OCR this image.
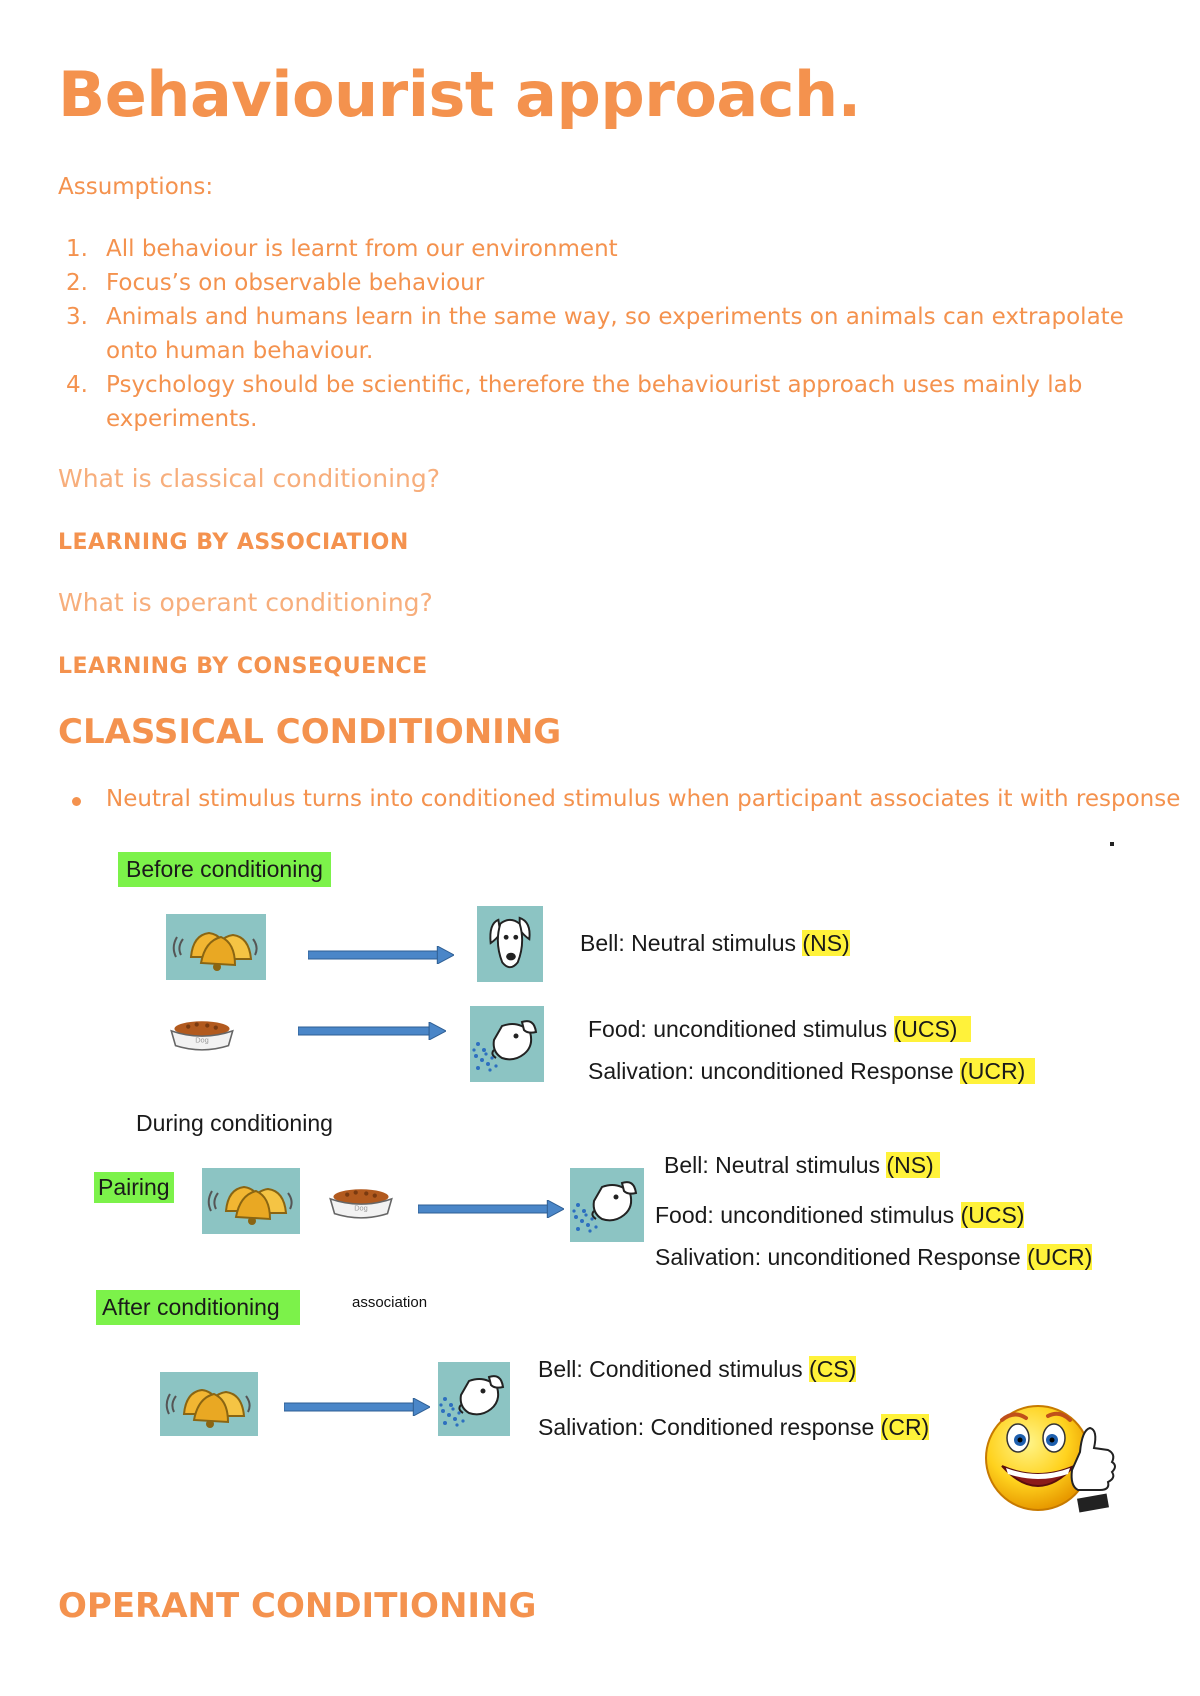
Behaviourist approach.
Assumptions:
1. All behaviour is learnt from our environment
2. Focus’s on observable behaviour
3. Animals and humans learn in the same way, so experiments on animals can extrapolate onto human behaviour.
4. Psychology should be scientific, therefore the behaviourist approach uses mainly lab experiments.
What is classical conditioning?
LEARNING BY ASSOCIATION
What is operant conditioning?
LEARNING BY CONSEQUENCE
CLASSICAL CONDITIONING
Neutral stimulus turns into conditioned stimulus when participant associates it with response
Before conditioning
Bell: Neutral stimulus (NS)
Food: unconditioned stimulus (UCS)
Salivation: unconditioned Response (UCR)
During conditioning
Pairing
Bell: Neutral stimulus (NS)
Food: unconditioned stimulus (UCS)
Salivation: unconditioned Response (UCR)
After conditioning	association
Bell: Conditioned stimulus (CS)
Salivation: Conditioned response (CR)
OPERANT CONDITIONING
